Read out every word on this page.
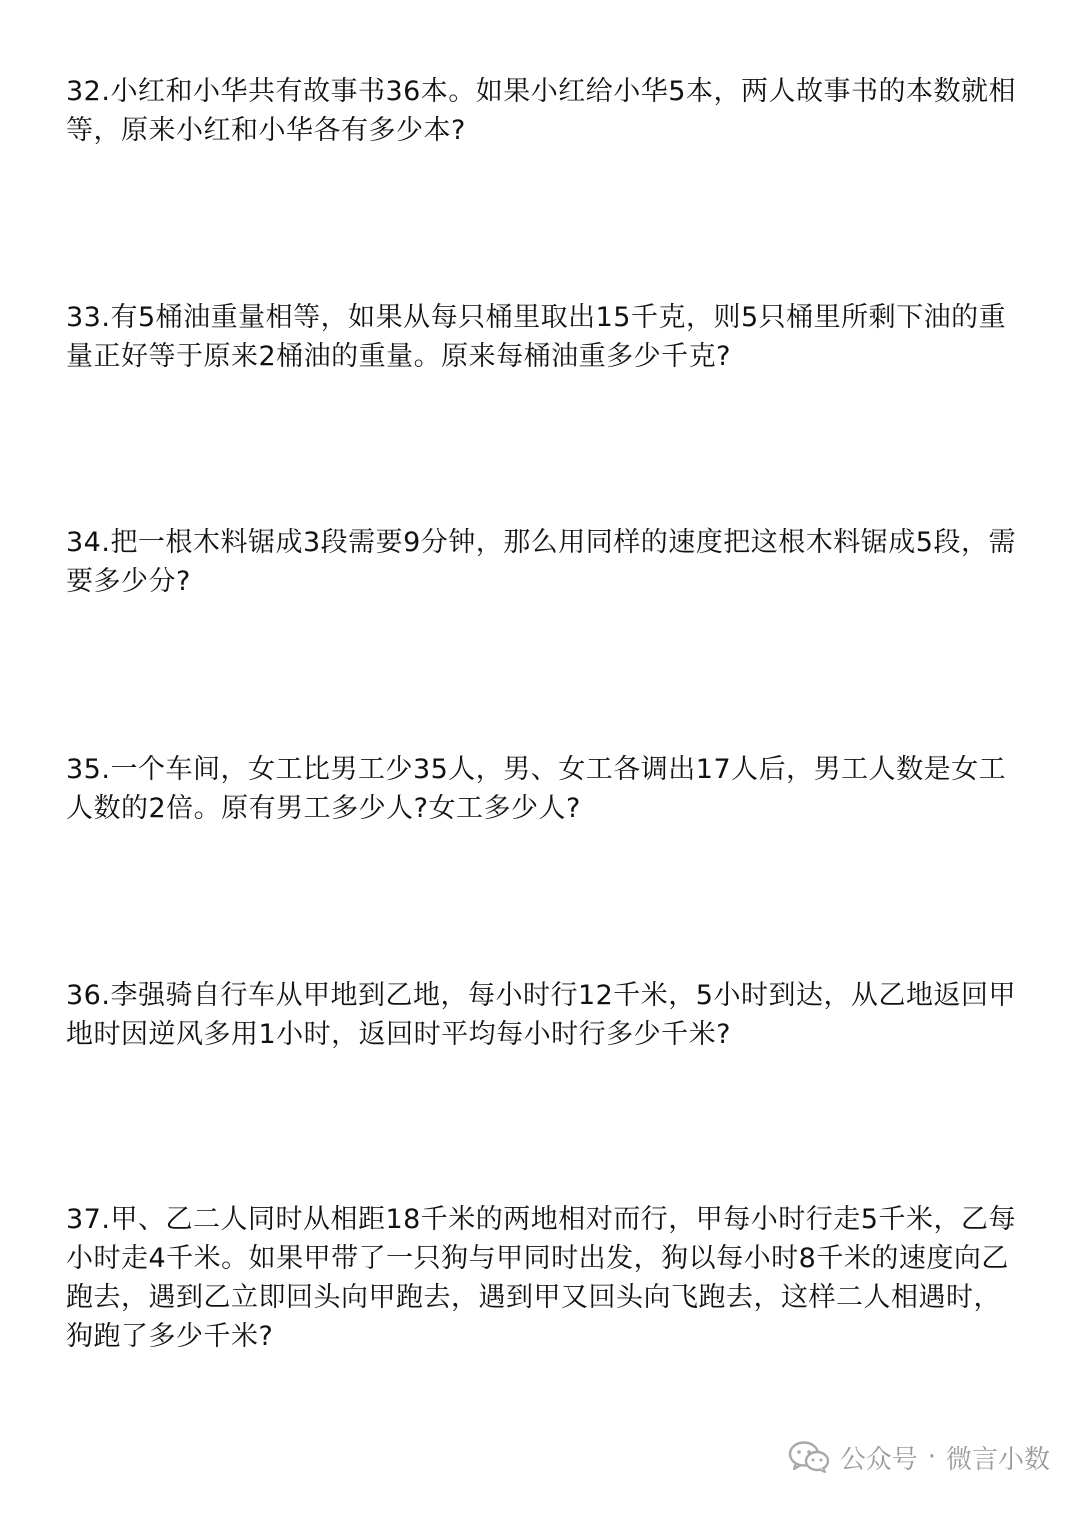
32.小红和小华共有故事书36本。如果小红给小华5本，两人故事书的本数就相等，原来小红和小华各有多少本?

33.有5桶油重量相等，如果从每只桶里取出15千克，则5只桶里所剩下油的重量正好等于原来2桶油的重量。原来每桶油重多少千克?

34.把一根木料锯成3段需要9分钟，那么用同样的速度把这根木料锯成5段，需要多少分?

35.一个车间，女工比男工少35人，男、女工各调出17人后，男工人数是女工人数的2倍。原有男工多少人?女工多少人?

36.李强骑自行车从甲地到乙地，每小时行12千米，5小时到达，从乙地返回甲地时因逆风多用1小时，返回时平均每小时行多少千米?

37.甲、乙二人同时从相距18千米的两地相对而行，甲每小时行走5千米，乙每小时走4千米。如果甲带了一只狗与甲同时出发，狗以每小时8千米的速度向乙跑去，遇到乙立即回头向甲跑去，遇到甲又回头向飞跑去，这样二人相遇时，狗跑了多少千米?

公众号 · 微言小数
